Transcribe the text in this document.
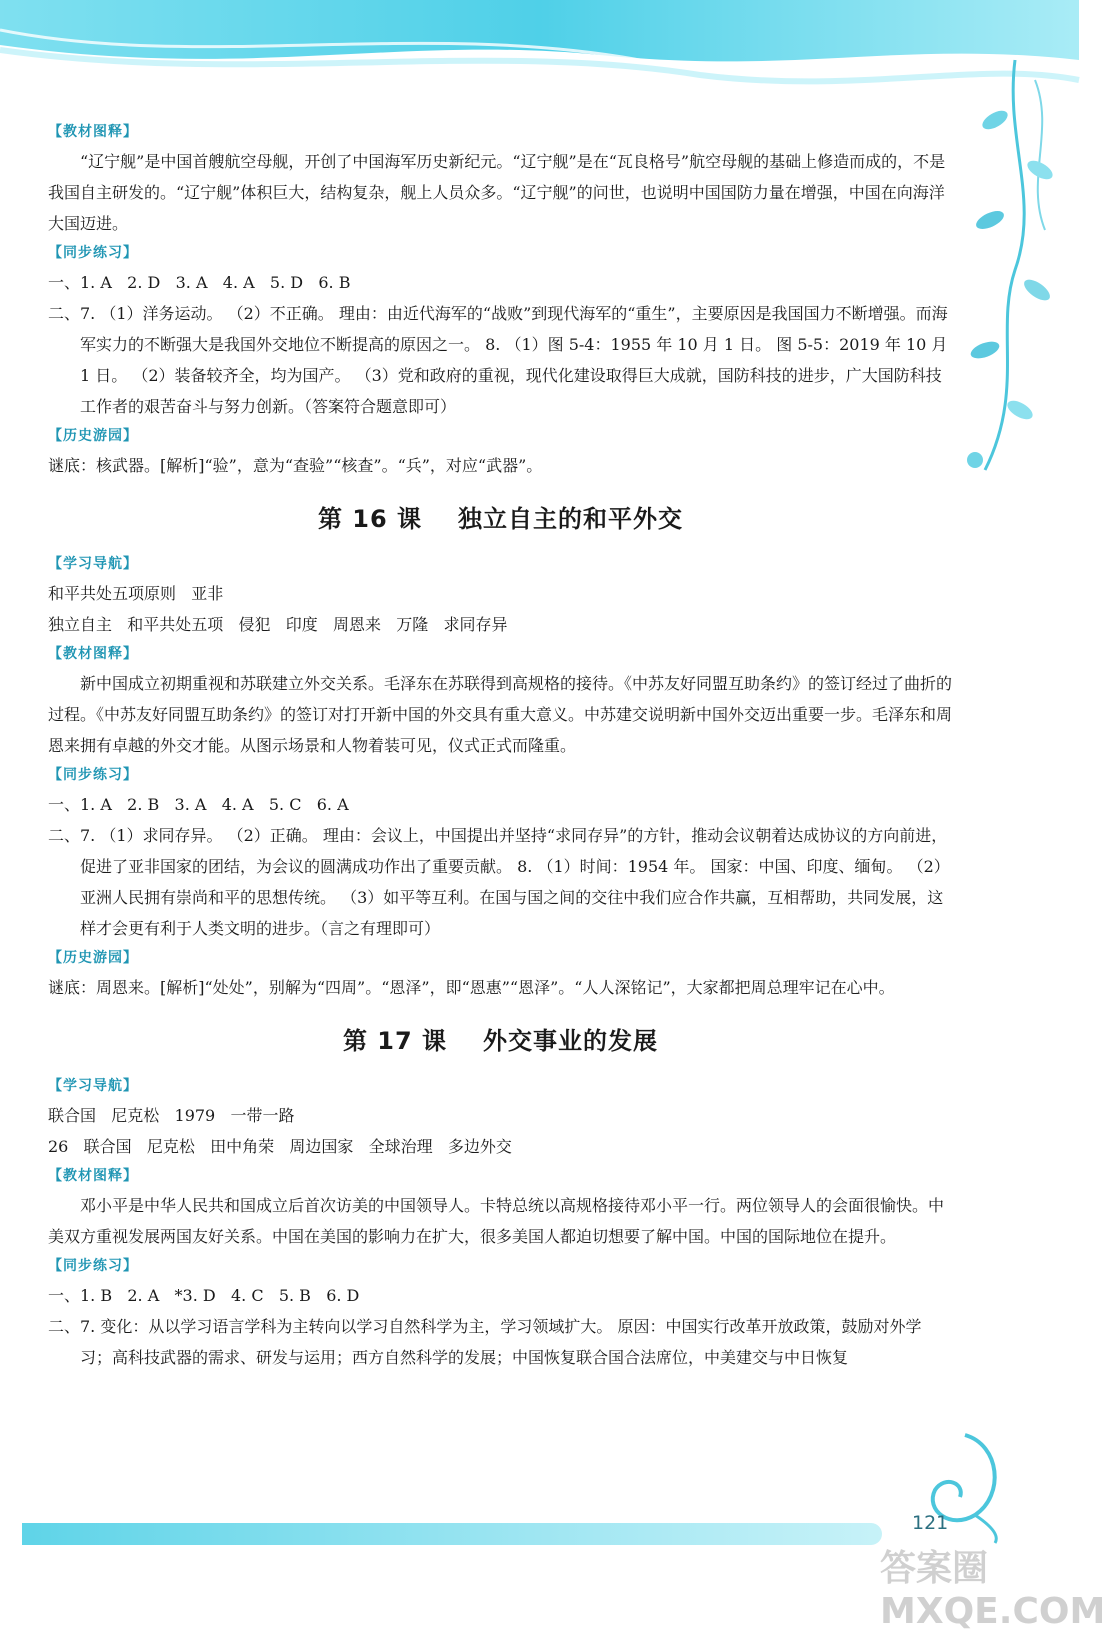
【教材图释】

“辽宁舰”是中国首艘航空母舰，开创了中国海军历史新纪元。“辽宁舰”是在“瓦良格号”航空母舰的基础上修造而成的，不是我国自主研发的。“辽宁舰”体积巨大，结构复杂，舰上人员众多。“辽宁舰”的问世，也说明中国国防力量在增强，中国在向海洋大国迈进。

【同步练习】

一、1. A   2. D   3. A   4. A   5. D   6. B

二、7. （1）洋务运动。 （2）不正确。 理由：由近代海军的“战败”到现代海军的“重生”，主要原因是我国国力不断增强。而海军实力的不断强大是我国外交地位不断提高的原因之一。 8. （1）图 5-4：1955 年 10 月 1 日。 图 5-5：2019 年 10 月 1 日。 （2）装备较齐全，均为国产。 （3）党和政府的重视，现代化建设取得巨大成就，国防科技的进步，广大国防科技工作者的艰苦奋斗与努力创新。（答案符合题意即可）

【历史游园】

谜底：核武器。[解析]“验”，意为“查验”“核查”。“兵”，对应“武器”。

第 16 课 独立自主的和平外交
【学习导航】

和平共处五项原则   亚非

独立自主   和平共处五项   侵犯   印度   周恩来   万隆   求同存异

【教材图释】

新中国成立初期重视和苏联建立外交关系。毛泽东在苏联得到高规格的接待。《中苏友好同盟互助条约》的签订经过了曲折的过程。《中苏友好同盟互助条约》的签订对打开新中国的外交具有重大意义。中苏建交说明新中国外交迈出重要一步。毛泽东和周恩来拥有卓越的外交才能。从图示场景和人物着装可见，仪式正式而隆重。

【同步练习】

一、1. A   2. B   3. A   4. A   5. C   6. A

二、7. （1）求同存异。 （2）正确。 理由：会议上，中国提出并坚持“求同存异”的方针，推动会议朝着达成协议的方向前进，促进了亚非国家的团结，为会议的圆满成功作出了重要贡献。 8. （1）时间：1954 年。 国家：中国、印度、缅甸。 （2）亚洲人民拥有崇尚和平的思想传统。 （3）如平等互利。在国与国之间的交往中我们应合作共赢，互相帮助，共同发展，这样才会更有利于人类文明的进步。（言之有理即可）

【历史游园】

谜底：周恩来。[解析]“处处”，别解为“四周”。“恩泽”，即“恩惠”“恩泽”。“人人深铭记”，大家都把周总理牢记在心中。

第 17 课 外交事业的发展
【学习导航】

联合国   尼克松   1979   一带一路

26   联合国   尼克松   田中角荣   周边国家   全球治理   多边外交

【教材图释】

邓小平是中华人民共和国成立后首次访美的中国领导人。卡特总统以高规格接待邓小平一行。两位领导人的会面很愉快。中美双方重视发展两国友好关系。中国在美国的影响力在扩大，很多美国人都迫切想要了解中国。中国的国际地位在提升。

【同步练习】

一、1. B   2. A   *3. D   4. C   5. B   6. D

二、7. 变化：从以学习语言学科为主转向以学习自然科学为主，学习领域扩大。 原因：中国实行改革开放政策，鼓励对外学习；高科技武器的需求、研发与运用；西方自然科学的发展；中国恢复联合国合法席位，中美建交与中日恢复

121
答案圈 MXQE.COM
